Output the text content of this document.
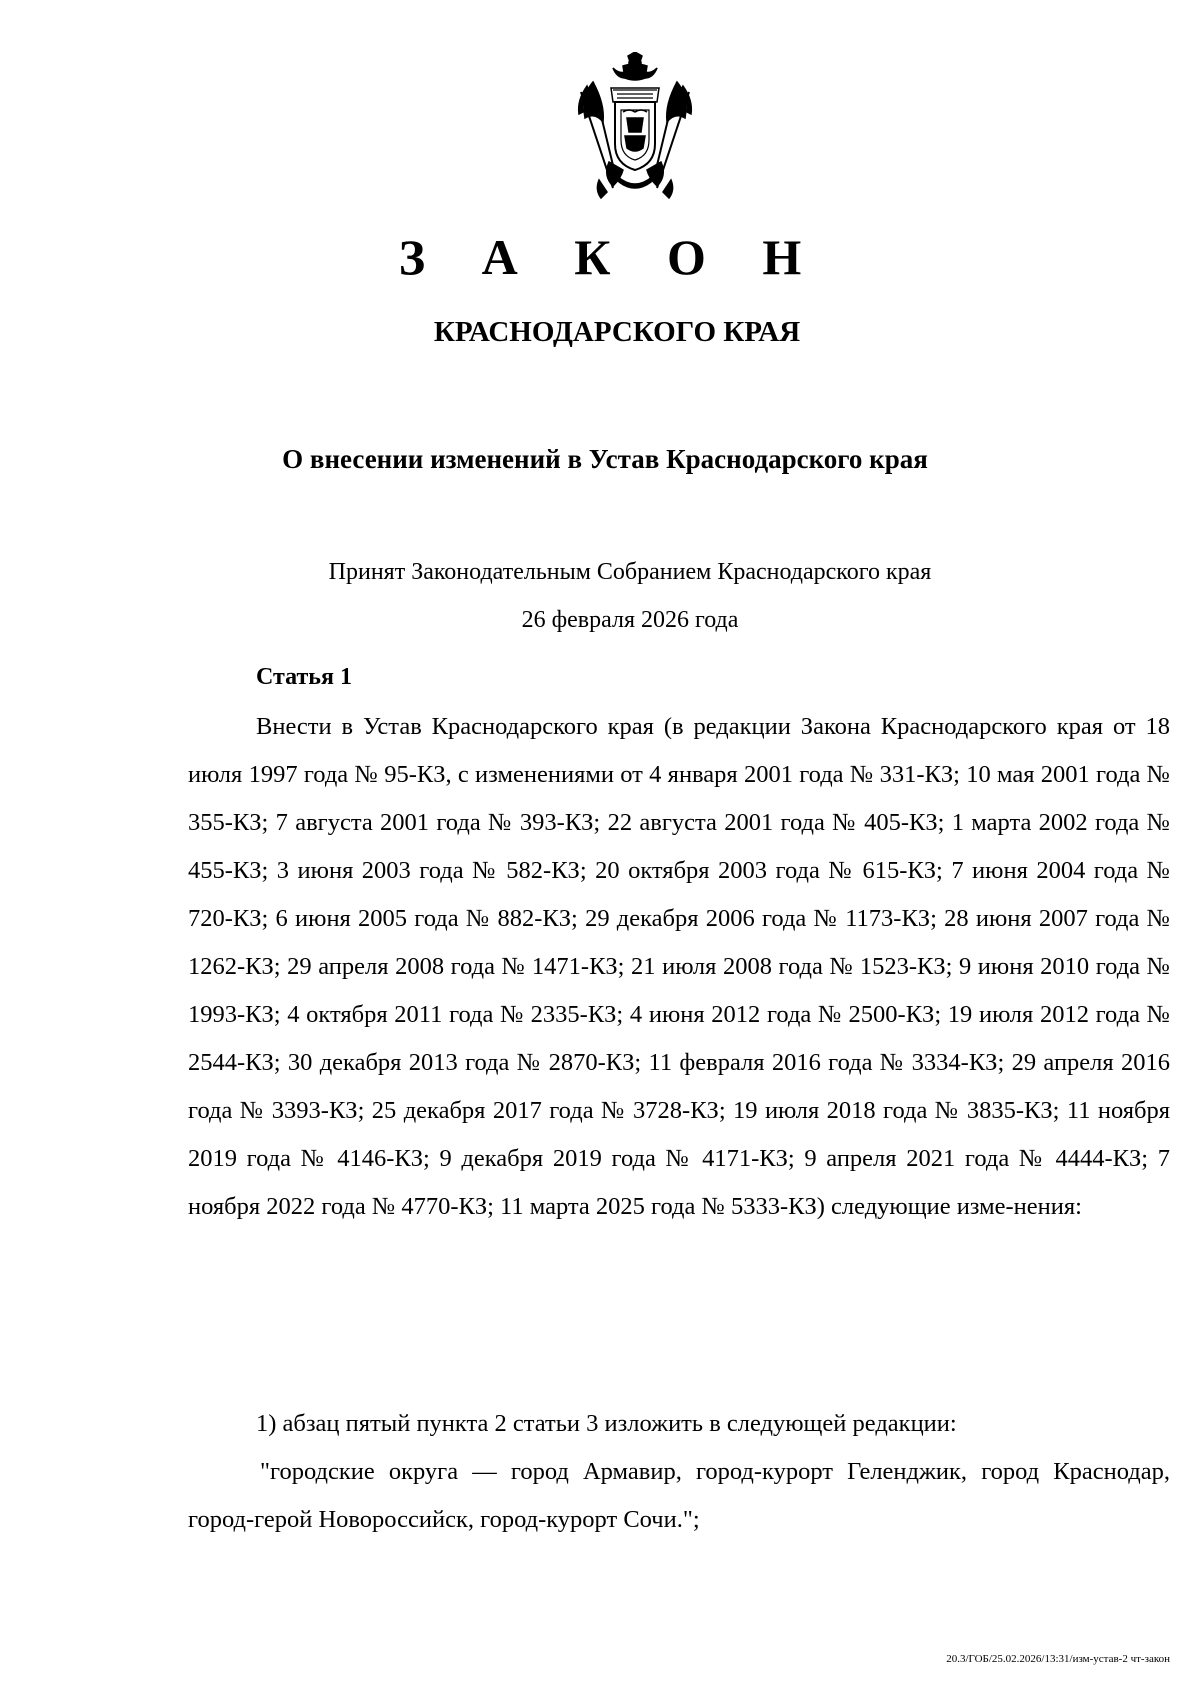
З А К О Н
КРАСНОДАРСКОГО КРАЯ
О внесении изменений в Устав Краснодарского края
Принят Законодательным Собранием Краснодарского края
26 февраля 2026 года
Статья 1
Внести в Устав Краснодарского края (в редакции Закона Краснодарского края от 18 июля 1997 года № 95-КЗ, с изменениями от 4 января 2001 года № 331-КЗ; 10 мая 2001 года № 355-КЗ; 7 августа 2001 года № 393-КЗ; 22 августа 2001 года № 405-КЗ; 1 марта 2002 года № 455-КЗ; 3 июня 2003 года № 582-КЗ; 20 октября 2003 года № 615-КЗ; 7 июня 2004 года № 720-КЗ; 6 июня 2005 года № 882-КЗ; 29 декабря 2006 года № 1173-КЗ; 28 июня 2007 года № 1262-КЗ; 29 апреля 2008 года № 1471-КЗ; 21 июля 2008 года № 1523-КЗ; 9 июня 2010 года № 1993-КЗ; 4 октября 2011 года № 2335-КЗ; 4 июня 2012 года № 2500-КЗ; 19 июля 2012 года № 2544-КЗ; 30 декабря 2013 года № 2870-КЗ; 11 февраля 2016 года № 3334-КЗ; 29 апреля 2016 года № 3393-КЗ; 25 декабря 2017 года № 3728-КЗ; 19 июля 2018 года № 3835-КЗ; 11 ноября 2019 года № 4146-КЗ; 9 декабря 2019 года № 4171-КЗ; 9 апреля 2021 года № 4444-КЗ; 7 ноября 2022 года № 4770-КЗ; 11 марта 2025 года № 5333-КЗ) следующие изме-нения:
1) абзац пятый пункта 2 статьи 3 изложить в следующей редакции:
"городские округа — город Армавир, город-курорт Геленджик, город Краснодар, город-герой Новороссийск, город-курорт Сочи.";
20.3/ГОБ/25.02.2026/13:31/изм-устав-2 чт-закон
